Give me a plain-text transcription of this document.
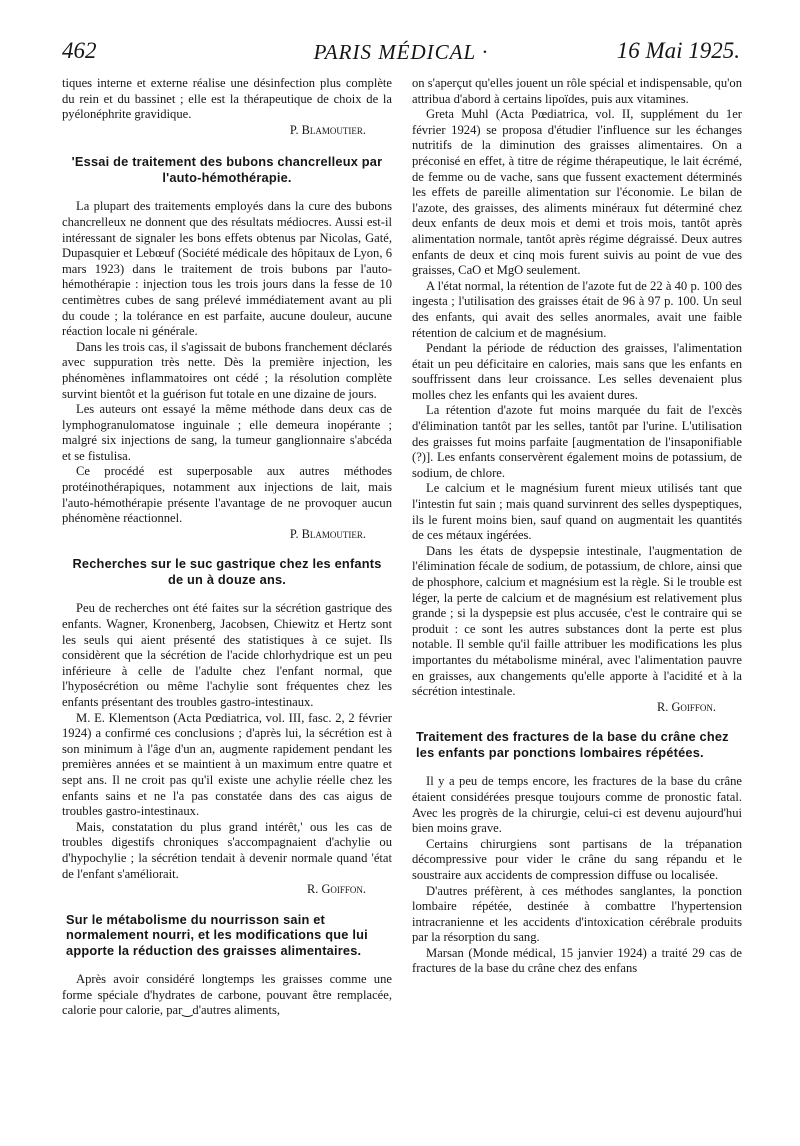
462	PARIS MÉDICAL ·	16 Mai 1925.

tiques interne et externe réalise une désinfection plus complète du rein et du bassinet ; elle est la thérapeutique de choix de la pyélonéphrite gravidique.

P. Blamoutier.

'Essai de traitement des bubons chancrelleux par l'auto-hémothérapie.

La plupart des traitements employés dans la cure des bubons chancrelleux ne donnent que des résultats médiocres. Aussi est-il intéressant de signaler les bons effets obtenus par Nicolas, Gaté, Dupasquier et Lebœuf (Société médicale des hôpitaux de Lyon, 6 mars 1923) dans le traitement de trois bubons par l'auto-hémothérapie : injection tous les trois jours dans la fesse de 10 centimètres cubes de sang prélevé immédiatement avant au pli du coude ; la tolérance en est parfaite, aucune douleur, aucune réaction locale ni générale.

Dans les trois cas, il s'agissait de bubons franchement déclarés avec suppuration très nette. Dès la première injection, les phénomènes inflammatoires ont cédé ; la résolution complète survint bientôt et la guérison fut totale en une dizaine de jours.

Les auteurs ont essayé la même méthode dans deux cas de lymphogranulomatose inguinale ; elle demeura inopérante ; malgré six injections de sang, la tumeur ganglionnaire s'abcéda et se fistulisa.

Ce procédé est superposable aux autres méthodes protéinothérapiques, notamment aux injections de lait, mais l'auto-hémothérapie présente l'avantage de ne provoquer aucun phénomène réactionnel.

P. Blamoutier.

Recherches sur le suc gastrique chez les enfants de un à douze ans.

Peu de recherches ont été faites sur la sécrétion gastrique des enfants. Wagner, Kronenberg, Jacobsen, Chiewitz et Hertz sont les seuls qui aient présenté des statistiques à ce sujet. Ils considèrent que la sécrétion de l'acide chlorhydrique est un peu inférieure à celle de l'adulte chez l'enfant normal, que l'hyposécrétion ou même l'achylie sont fréquentes chez les enfants présentant des troubles gastro-intestinaux.

M. E. Klementson (Acta Pœdiatrica, vol. III, fasc. 2, 2 février 1924) a confirmé ces conclusions ; d'après lui, la sécrétion est à son minimum à l'âge d'un an, augmente rapidement pendant les premières années et se maintient à un maximum entre quatre et sept ans. Il ne croit pas qu'il existe une achylie réelle chez les enfants sains et ne l'a pas constatée dans des cas aigus de troubles gastro-intestinaux.

Mais, constatation du plus grand intérêt,' ous les cas de troubles digestifs chroniques s'accompagnaient d'achylie ou d'hypochylie ; la sécrétion tendait à devenir normale quand 'état de l'enfant s'améliorait.

R. Goiffon.

Sur le métabolisme du nourrisson sain et normalement nourri, et les modifications que lui apporte la réduction des graisses alimentaires.

Après avoir considéré longtemps les graisses comme une forme spéciale d'hydrates de carbone, pouvant être remplacée, calorie pour calorie, par‿d'autres aliments,

on s'aperçut qu'elles jouent un rôle spécial et indispensable, qu'on attribua d'abord à certains lipoïdes, puis aux vitamines.

Greta Muhl (Acta Pœdiatrica, vol. II, supplément du 1er février 1924) se proposa d'étudier l'influence sur les échanges nutritifs de la diminution des graisses alimentaires. On a préconisé en effet, à titre de régime thérapeutique, le lait écrémé, de femme ou de vache, sans que fussent exactement déterminés les effets de pareille alimentation sur l'économie. Le bilan de l'azote, des graisses, des aliments minéraux fut déterminé chez deux enfants de deux mois et demi et trois mois, tantôt après alimentation normale, tantôt après régime dégraissé. Deux autres enfants de deux et cinq mois furent suivis au point de vue des graisses, CaO et MgO seulement.

A l'état normal, la rétention de l'azote fut de 22 à 40 p. 100 des ingesta ; l'utilisation des graisses était de 96 à 97 p. 100. Un seul des enfants, qui avait des selles anormales, avait une faible rétention de calcium et de magnésium.

Pendant la période de réduction des graisses, l'alimentation était un peu déficitaire en calories, mais sans que les enfants en souffrissent dans leur croissance. Les selles devenaient plus molles chez les enfants qui les avaient dures.

La rétention d'azote fut moins marquée du fait de l'excès d'élimination tantôt par les selles, tantôt par l'urine. L'utilisation des graisses fut moins parfaite [augmentation de l'insaponifiable (?)]. Les enfants conservèrent également moins de potassium, de sodium, de chlore.

Le calcium et le magnésium furent mieux utilisés tant que l'intestin fut sain ; mais quand survinrent des selles dyspeptiques, ils le furent moins bien, sauf quand on augmentait les quantités de ces métaux ingérées.

Dans les états de dyspepsie intestinale, l'augmentation de l'élimination fécale de sodium, de potassium, de chlore, ainsi que de phosphore, calcium et magnésium est la règle. Si le trouble est léger, la perte de calcium et de magnésium est relativement plus grande ; si la dyspepsie est plus accusée, c'est le contraire qui se produit : ce sont les autres substances dont la perte est plus notable. Il semble qu'il faille attribuer les modifications les plus importantes du métabolisme minéral, avec l'alimentation pauvre en graisses, aux changements qu'elle apporte à l'acidité et à la sécrétion intestinale.

R. Goiffon.

Traitement des fractures de la base du crâne chez les enfants par ponctions lombaires répétées.

Il y a peu de temps encore, les fractures de la base du crâne étaient considérées presque toujours comme de pronostic fatal. Avec les progrès de la chirurgie, celui-ci est devenu aujourd'hui bien moins grave.

Certains chirurgiens sont partisans de la trépanation décompressive pour vider le crâne du sang répandu et le soustraire aux accidents de compression diffuse ou localisée.

D'autres préfèrent, à ces méthodes sanglantes, la ponction lombaire répétée, destinée à combattre l'hypertension intracranienne et les accidents d'intoxication cérébrale produits par la résorption du sang.

Marsan (Monde médical, 15 janvier 1924) a traité 29 cas de fractures de la base du crâne chez des enfans
